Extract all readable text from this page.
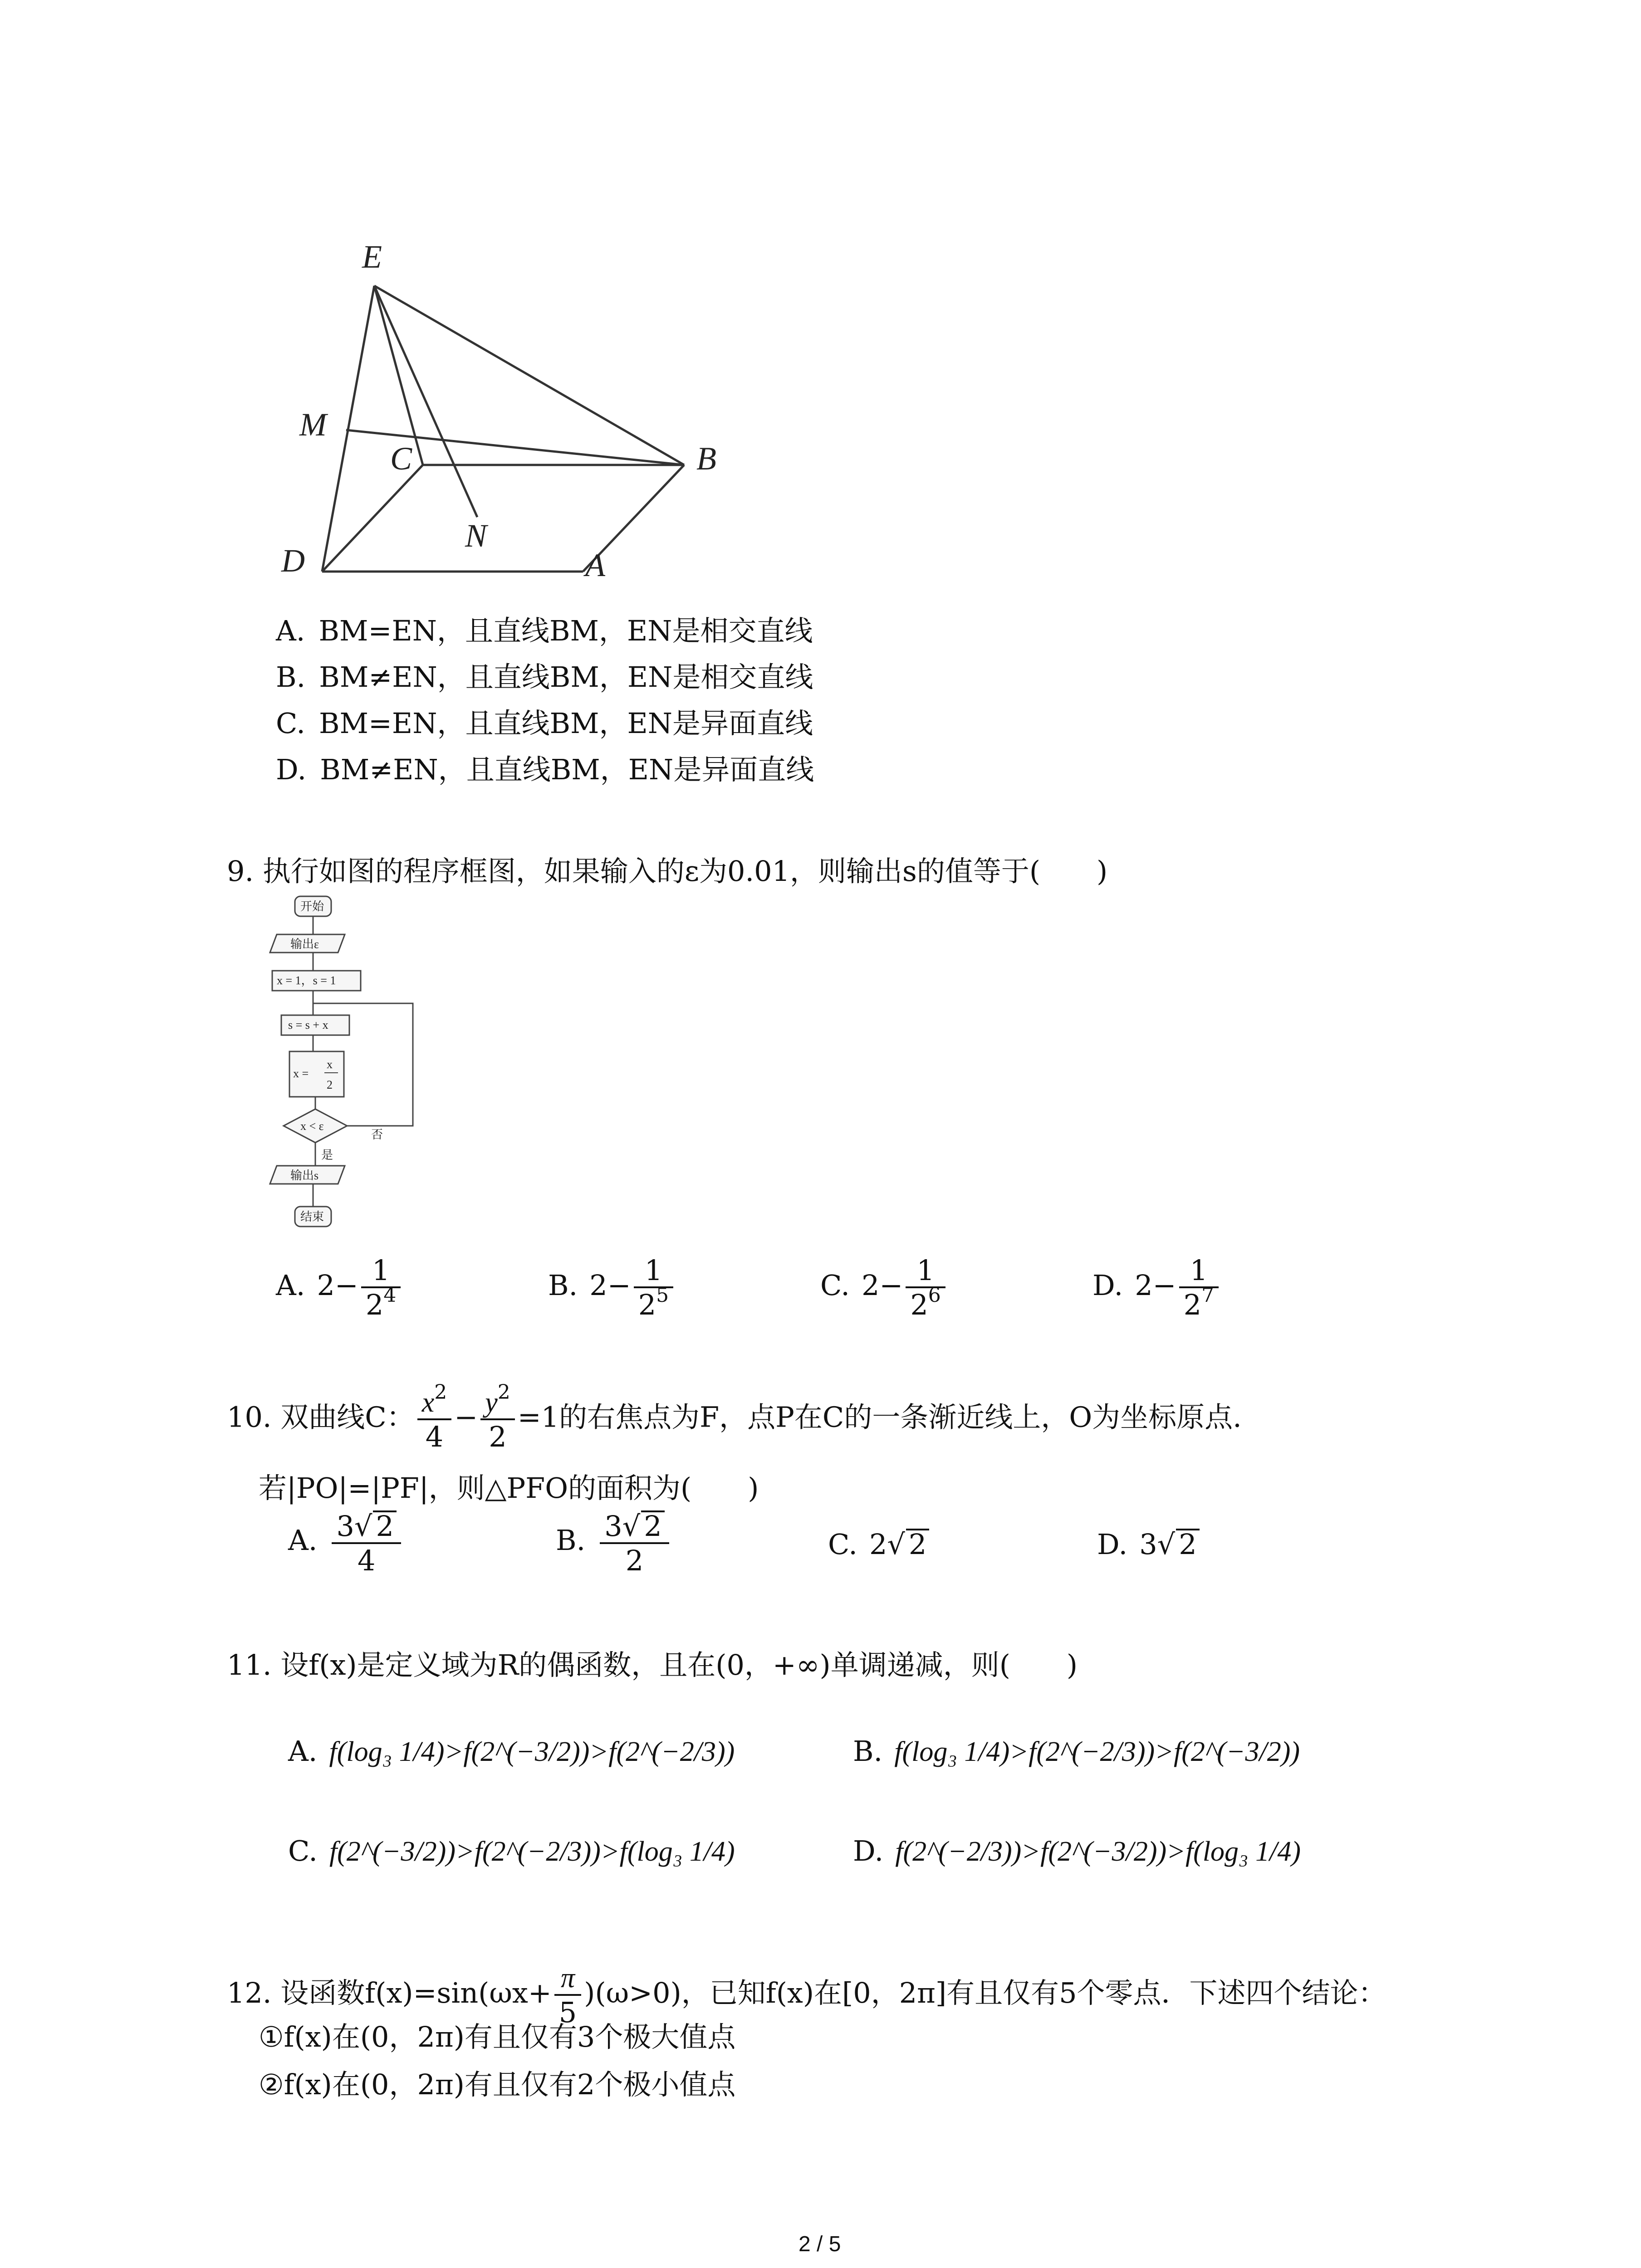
E
M
C	B
N
D	A
A. BM=EN，且直线BM，EN是相交直线
B. BM≠EN，且直线BM，EN是相交直线
C. BM=EN，且直线BM，EN是异面直线
D. BM≠EN，且直线BM，EN是异面直线
9. 执行如图的程序框图，如果输入的ε为0.01，则输出s的值等于(　　)
开始
输出ε
x = 1，s = 1
s = s + x
x =
x
2
x < ε
否
是
输出s
结束
A. $2- \frac{1}{2^4}$	B. $2- \frac{1}{2^5}$	C. $2- \frac{1}{2^6}$	D. $2- \frac{1}{2^7}$
10. 双曲线C： $\frac{x^2}{4} - \frac{y^2}{2} =1$的右焦点为F，点P在C的一条渐近线上，O为坐标原点.
若|PO|=|PF|，则△PFO的面积为(　　)
A. $\frac{3√ 2}{4}$	B. $\frac{3√ 2}{2}$	C. 2√ 2	D. 3√ 2
11. 设f(x)是定义域为R的偶函数，且在(0，+∞)单调递减，则(　　)
A. f(log₃ 1/4)>f(2^(−3/2))>f(2^(−2/3))	B. f(log₃ 1/4)>f(2^(−2/3))>f(2^(−3/2))
C. f(2^(−3/2))>f(2^(−2/3))>f(log₃ 1/4)	D. f(2^(−2/3))>f(2^(−3/2))>f(log₃ 1/4)
12. 设函数$f(x)=\sin(\omega x+ \frac{\pi}{5} )(\omega>0)$，已知f(x)在[0，2π]有且仅有5个零点．下述四个结论：
①f(x)在(0，2π)有且仅有3个极大值点
②f(x)在(0，2π)有且仅有2个极小值点
2 / 5
